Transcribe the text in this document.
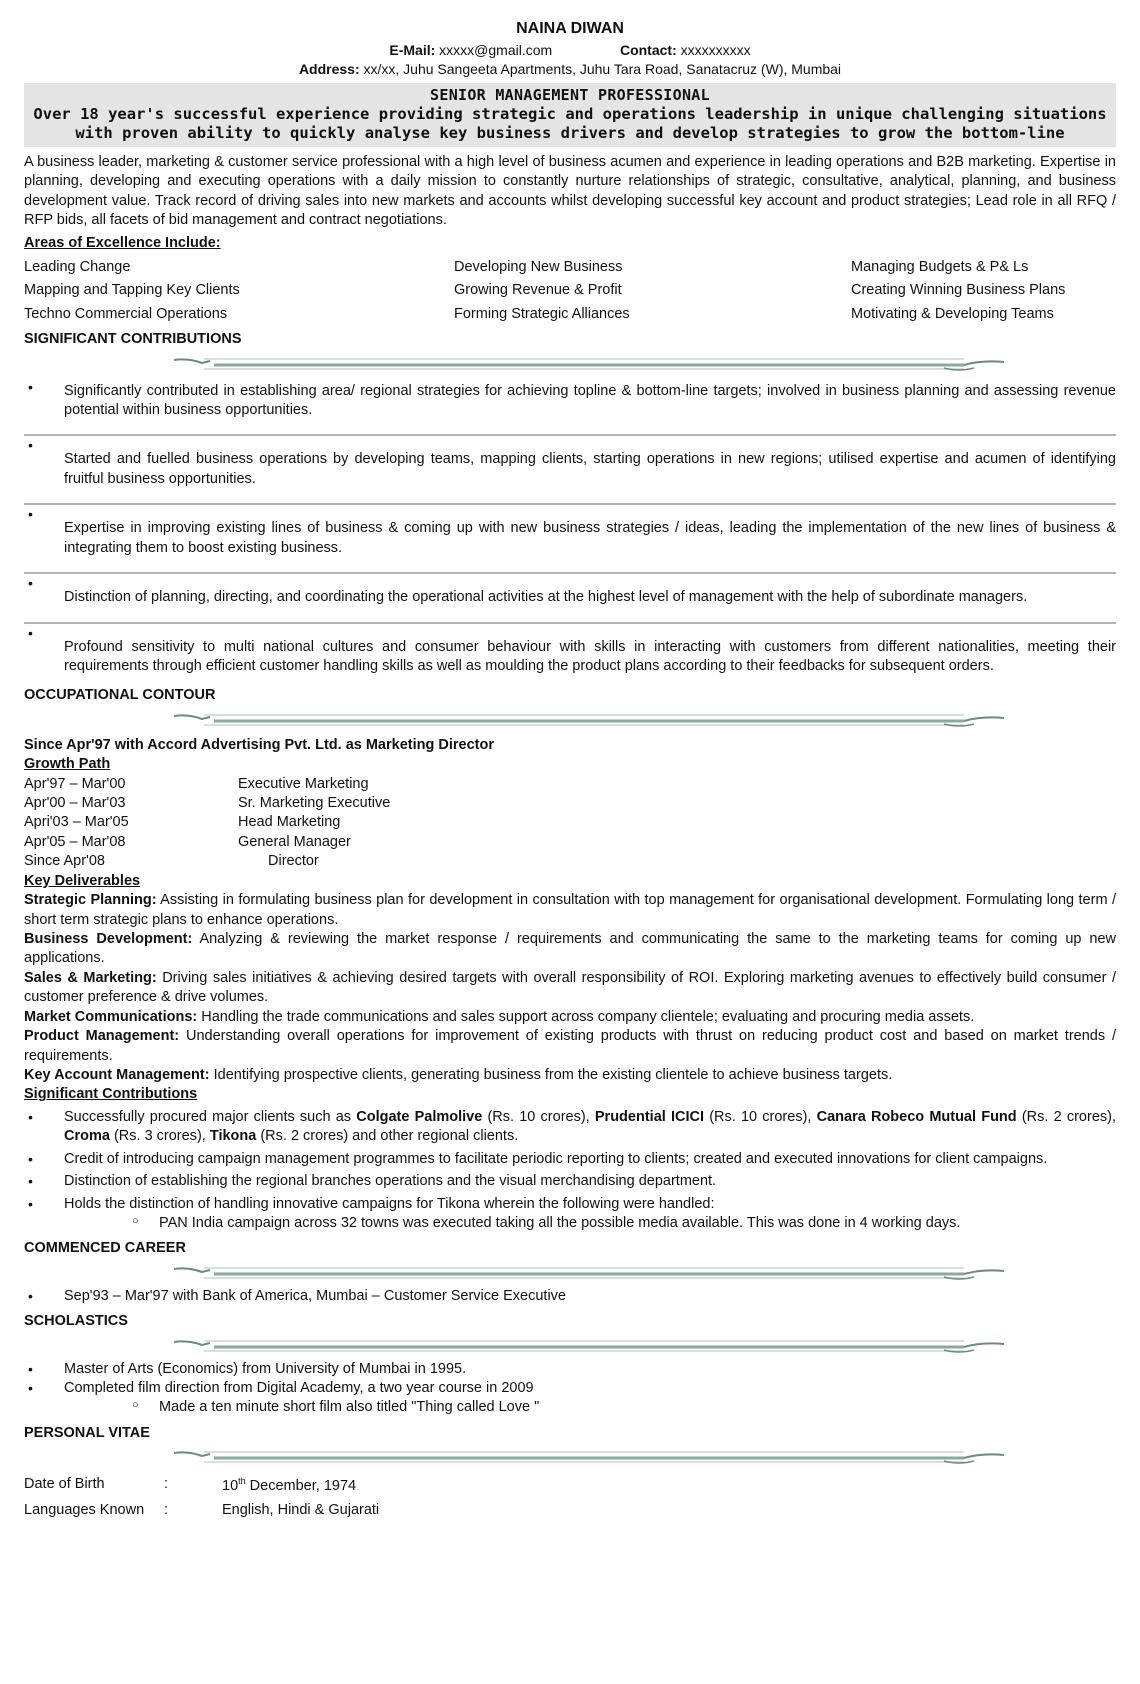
NAINA DIWAN
E-Mail: xxxxx@gmail.com	Contact: xxxxxxxxxx
Address: xx/xx, Juhu Sangeeta Apartments, Juhu Tara Road, Sanatacruz (W), Mumbai
SENIOR MANAGEMENT PROFESSIONAL
Over 18 year's successful experience providing strategic and operations leadership in unique challenging situations with proven ability to quickly analyse key business drivers and develop strategies to grow the bottom-line

A business leader, marketing & customer service professional with a high level of business acumen and experience in leading operations and B2B marketing. Expertise in planning, developing and executing operations with a daily mission to constantly nurture relationships of strategic, consultative, analytical, planning, and business development value. Track record of driving sales into new markets and accounts whilst developing successful key account and product strategies; Lead role in all RFQ / RFP bids, all facets of bid management and contract negotiations.

Areas of Excellence Include:
Leading Change	Developing New Business	Managing Budgets & P& Ls
Mapping and Tapping Key Clients	Growing Revenue & Profit	Creating Winning Business Plans
Techno Commercial Operations	Forming Strategic Alliances	Motivating & Developing Teams
SIGNIFICANT CONTRIBUTIONS
• Significantly contributed in establishing area/ regional strategies for achieving topline & bottom-line targets; involved in business planning and assessing revenue potential within business opportunities.
• Started and fuelled business operations by developing teams, mapping clients, starting operations in new regions; utilised expertise and acumen of identifying fruitful business opportunities.
• Expertise in improving existing lines of business & coming up with new business strategies / ideas, leading the implementation of the new lines of business & integrating them to boost existing business.
• Distinction of planning, directing, and coordinating the operational activities at the highest level of management with the help of subordinate managers.
• Profound sensitivity to multi national cultures and consumer behaviour with skills in interacting with customers from different nationalities, meeting their requirements through efficient customer handling skills as well as moulding the product plans according to their feedbacks for subsequent orders.
OCCUPATIONAL CONTOUR
Since Apr'97 with Accord Advertising Pvt. Ltd. as Marketing Director
Growth Path
Apr'97 – Mar'00	Executive Marketing
Apr'00 – Mar'03	Sr. Marketing Executive
Apri'03 – Mar'05	Head Marketing
Apr'05 – Mar'08	General Manager
Since Apr'08	Director
Key Deliverables

Strategic Planning: Assisting in formulating business plan for development in consultation with top management for organisational development. Formulating long term / short term strategic plans to enhance operations.

Business Development: Analyzing & reviewing the market response / requirements and communicating the same to the marketing teams for coming up new applications.

Sales & Marketing: Driving sales initiatives & achieving desired targets with overall responsibility of ROI. Exploring marketing avenues to effectively build consumer / customer preference & drive volumes.

Market Communications: Handling the trade communications and sales support across company clientele; evaluating and procuring media assets.

Product Management: Understanding overall operations for improvement of existing products with thrust on reducing product cost and based on market trends / requirements.

Key Account Management: Identifying prospective clients, generating business from the existing clientele to achieve business targets.

Significant Contributions
• Successfully procured major clients such as Colgate Palmolive (Rs. 10 crores), Prudential ICICI (Rs. 10 crores), Canara Robeco Mutual Fund (Rs. 2 crores), Croma (Rs. 3 crores), Tikona (Rs. 2 crores) and other regional clients.
• Credit of introducing campaign management programmes to facilitate periodic reporting to clients; created and executed innovations for client campaigns.
• Distinction of establishing the regional branches operations and the visual merchandising department.
• Holds the distinction of handling innovative campaigns for Tikona wherein the following were handled:
○ PAN India campaign across 32 towns was executed taking all the possible media available. This was done in 4 working days.
COMMENCED CAREER
• Sep'93 – Mar'97 with Bank of America, Mumbai – Customer Service Executive
SCHOLASTICS
• Master of Arts (Economics) from University of Mumbai in 1995.
• Completed film direction from Digital Academy, a two year course in 2009
○ Made a ten minute short film also titled "Thing called Love "
PERSONAL VITAE
Date of Birth	:	10th December, 1974
Languages Known	:	English, Hindi & Gujarati
